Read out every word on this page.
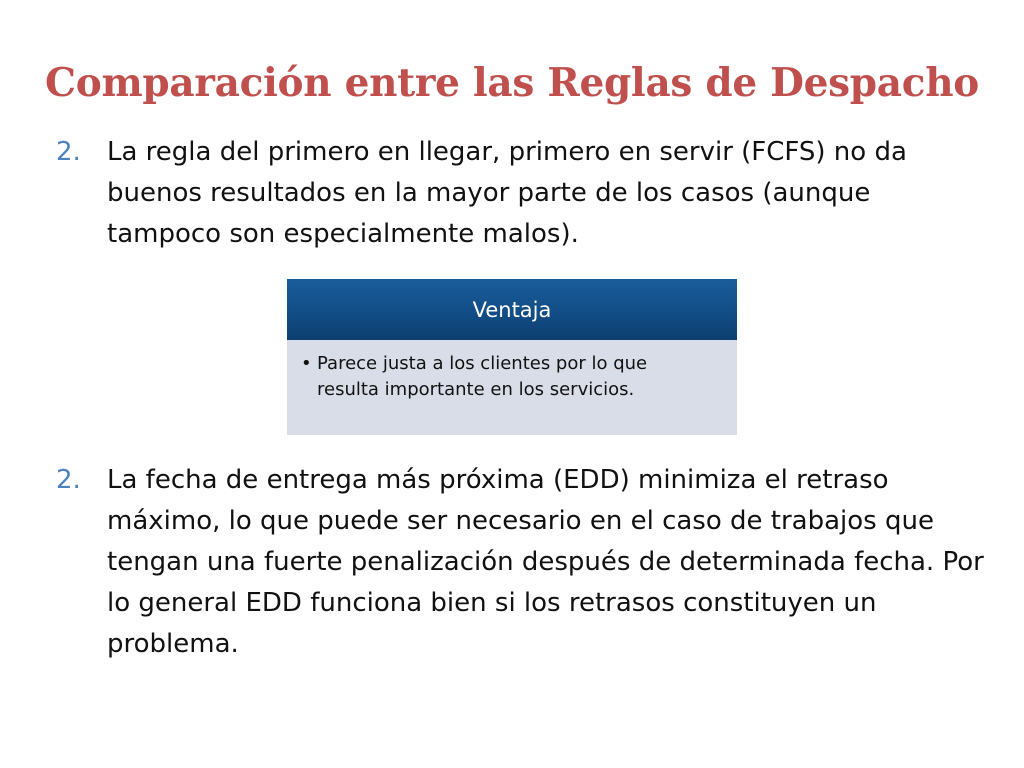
Comparación entre las Reglas de Despacho
2.	La regla del primero en llegar, primero en servir (FCFS) no da buenos resultados en la mayor parte de los casos (aunque tampoco son especialmente malos).
Ventaja
• Parece justa a los clientes por lo que resulta importante en los servicios.
2.	La fecha de entrega más próxima (EDD) minimiza el retraso máximo, lo que puede ser necesario en el caso de trabajos que tengan una fuerte penalización después de determinada fecha. Por lo general EDD funciona bien si los retrasos constituyen un problema.
